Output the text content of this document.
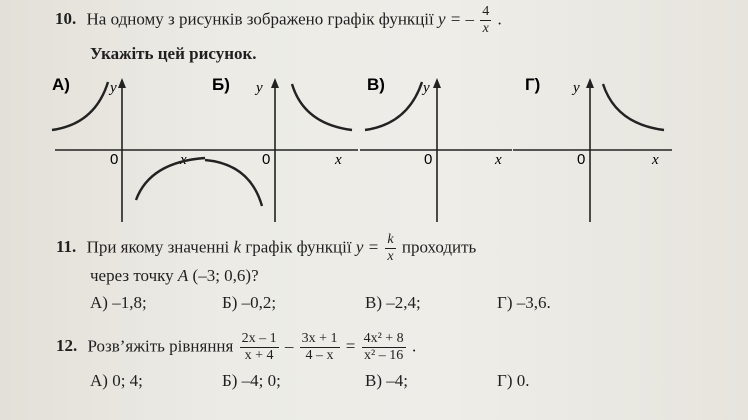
10. На одному з рисунків зображено графік функції y = – $\frac{4}{x}$ .
Укажіть цей рисунок.
А)	y
x
0
Б) y
x
0
В)	y
x
0
Г) y
x
0
11. При якому значенні k графік функції $y = \frac{k}{x}$ проходить
через точку A (–3; 0,6)?
А) –1,8;	Б) –0,2;	В) –2,4;	Г) –3,6.
12. Розв’яжіть рівняння $\frac{2x - 1}{x + 4} - \frac{3x + 1}{4 - x} = \frac{\text{4x² + 8}}{\text{x² – 16}}$ .
А) 0; 4;	Б) –4; 0;	В) –4;	Г) 0.
